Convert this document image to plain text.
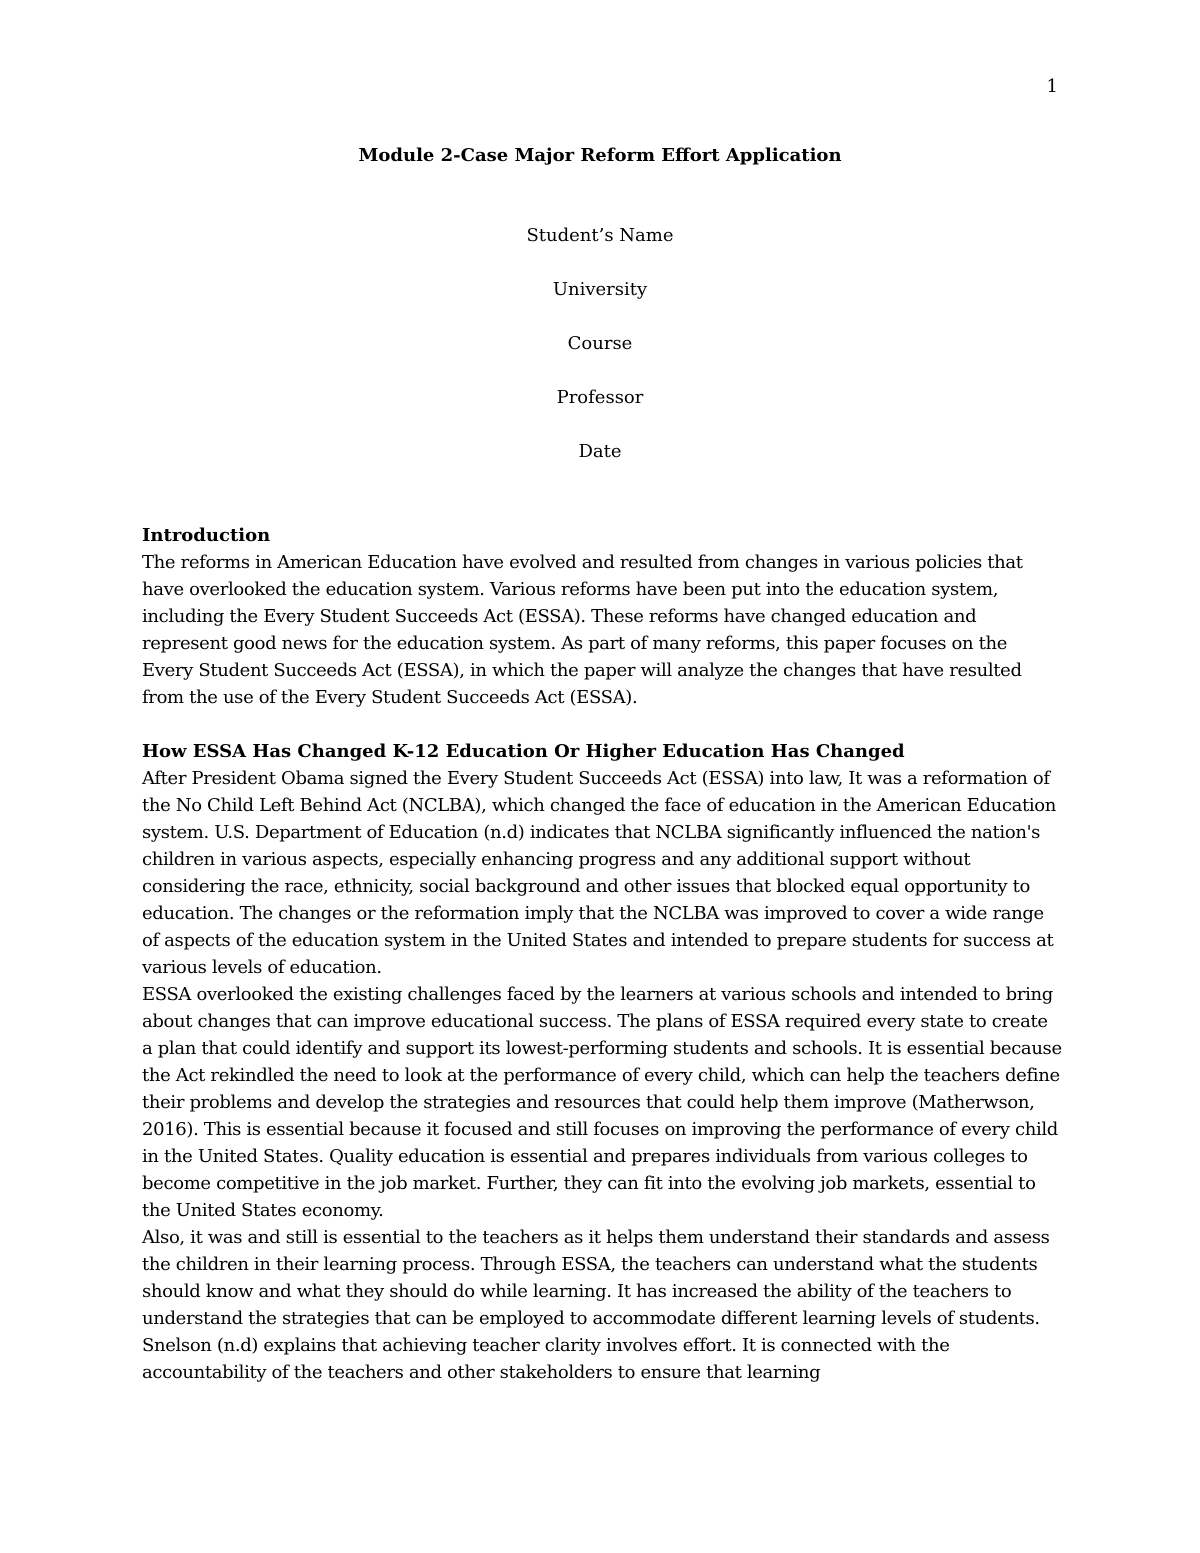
1

Module 2-Case Major Reform Effort Application

Student’s Name

University

Course

Professor

Date

Introduction

The reforms in American Education have evolved and resulted from changes in various policies that have overlooked the education system. Various reforms have been put into the education system, including the Every Student Succeeds Act (ESSA). These reforms have changed education and represent good news for the education system. As part of many reforms, this paper focuses on the Every Student Succeeds Act (ESSA), in which the paper will analyze the changes that have resulted from the use of the Every Student Succeeds Act (ESSA).

How ESSA Has Changed K-12 Education Or Higher Education Has Changed

After President Obama signed the Every Student Succeeds Act (ESSA) into law, It was a reformation of the No Child Left Behind Act (NCLBA), which changed the face of education in the American Education system. U.S. Department of Education (n.d) indicates that NCLBA significantly influenced the nation's children in various aspects, especially enhancing progress and any additional support without considering the race, ethnicity, social background and other issues that blocked equal opportunity to education. The changes or the reformation imply that the NCLBA was improved to cover a wide range of aspects of the education system in the United States and intended to prepare students for success at various levels of education.

ESSA overlooked the existing challenges faced by the learners at various schools and intended to bring about changes that can improve educational success. The plans of ESSA required every state to create a plan that could identify and support its lowest-performing students and schools. It is essential because the Act rekindled the need to look at the performance of every child, which can help the teachers define their problems and develop the strategies and resources that could help them improve (Matherwson, 2016). This is essential because it focused and still focuses on improving the performance of every child in the United States. Quality education is essential and prepares individuals from various colleges to become competitive in the job market. Further, they can fit into the evolving job markets, essential to the United States economy.

Also, it was and still is essential to the teachers as it helps them understand their standards and assess the children in their learning process. Through ESSA, the teachers can understand what the students should know and what they should do while learning. It has increased the ability of the teachers to understand the strategies that can be employed to accommodate different learning levels of students. Snelson (n.d) explains that achieving teacher clarity involves effort. It is connected with the accountability of the teachers and other stakeholders to ensure that learning
